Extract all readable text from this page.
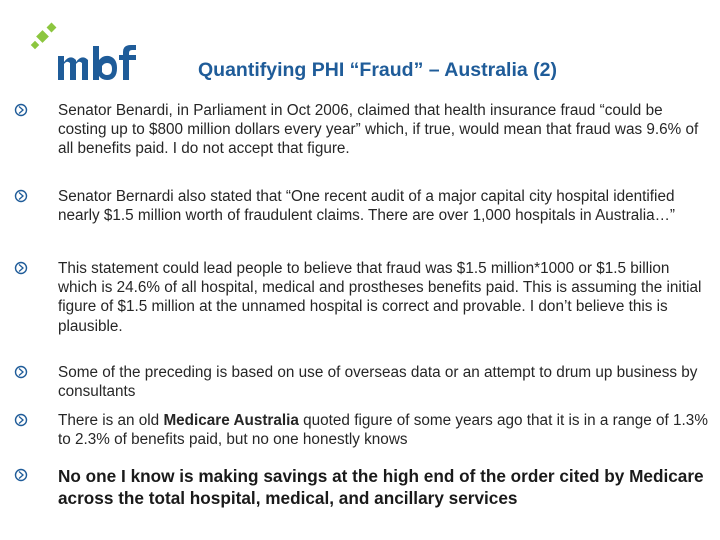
Quantifying PHI “Fraud” – Australia (2)
Senator Benardi, in Parliament in Oct 2006, claimed that health insurance fraud “could be costing up to $800 million dollars every year” which, if true, would mean that fraud was 9.6% of all benefits paid. I do not accept that figure.
Senator Bernardi also stated that “One recent audit of a major capital city hospital identified nearly $1.5 million worth of fraudulent claims. There are over 1,000 hospitals in Australia…”
This statement could lead people to believe that fraud was $1.5 million*1000 or $1.5 billion which is 24.6% of all hospital, medical and prostheses benefits paid. This is assuming the initial figure of $1.5 million at the unnamed hospital is correct and provable. I don’t believe this is plausible.
Some of the preceding is based on use of overseas data or an attempt to drum up business by consultants
There is an old Medicare Australia quoted figure of some years ago that it is in a range of 1.3% to 2.3% of benefits paid, but no one honestly knows
No one I know is making savings at the high end of the order cited by Medicare across the total hospital, medical, and ancillary services
